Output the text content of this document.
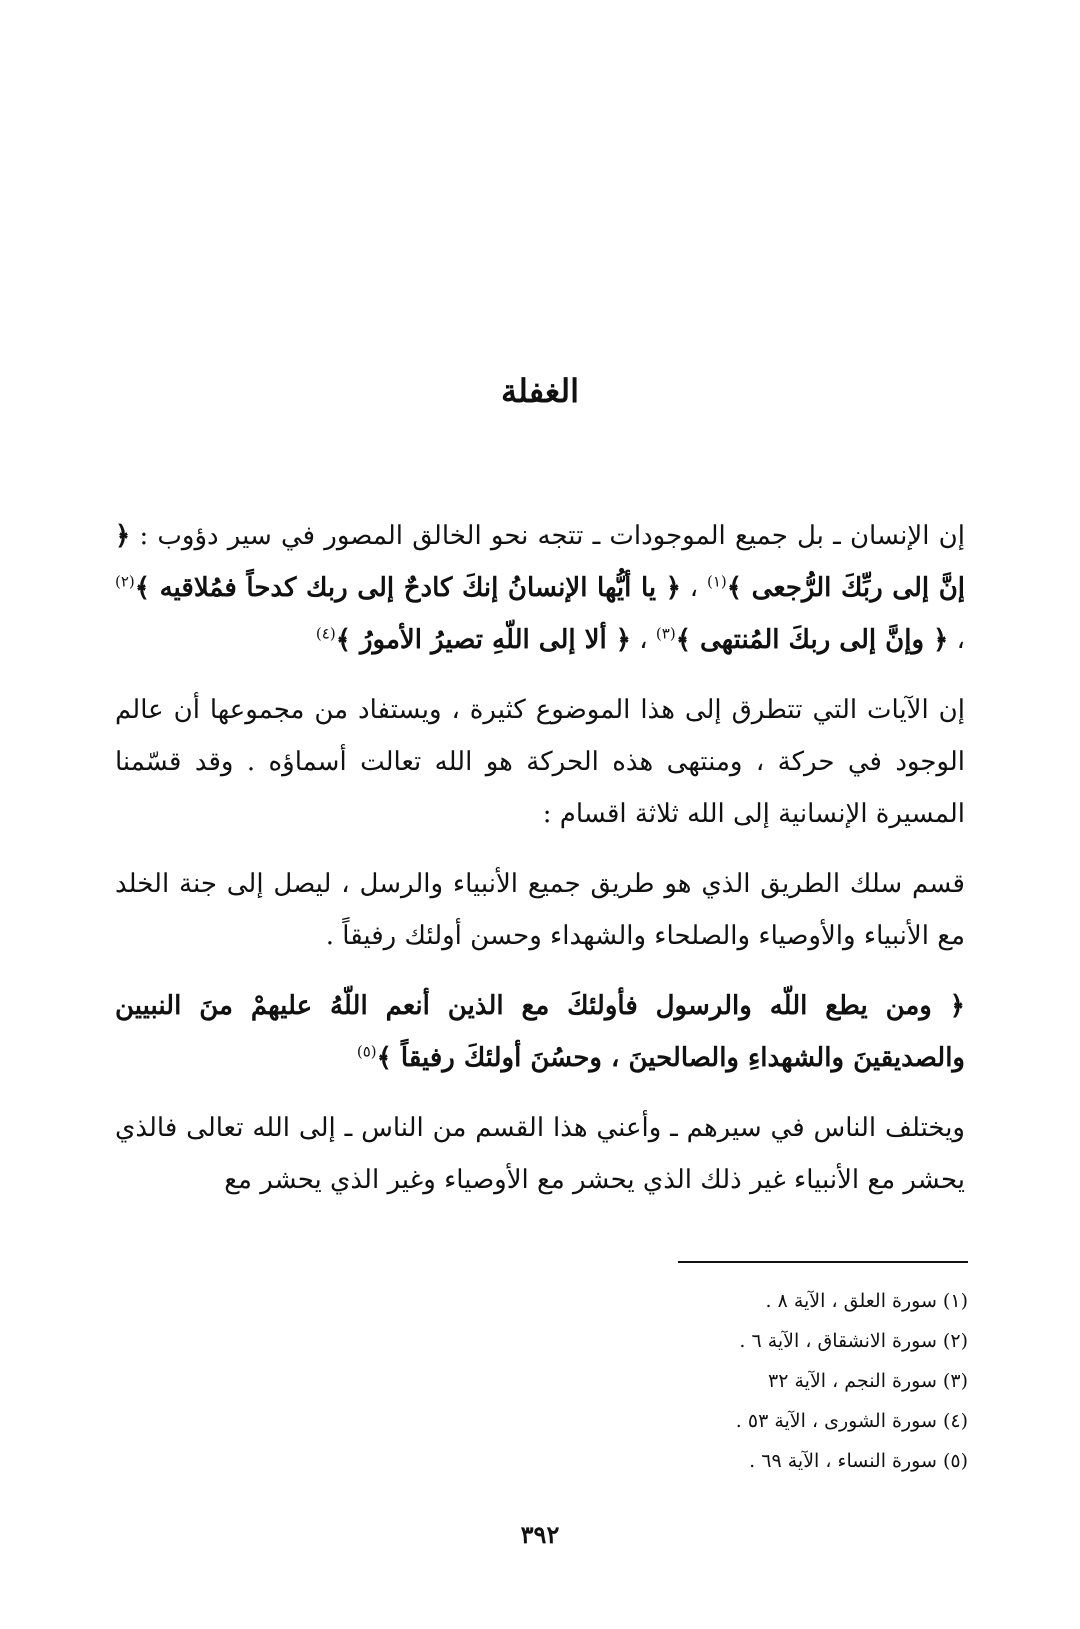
الغفلة

إن الإنسان ـ بل جميع الموجودات ـ تتجه نحو الخالق المصور في سير دؤوب : ﴿ إنَّ إلى ربِّكَ الرُّجعى ﴾$^{(١)}$ ، ﴿ يا أيُّها الإنسانُ إنكَ كادحٌ إلى ربك كدحاً فمُلاقيه ﴾$^{(٢)}$ ، ﴿ وإنَّ إلى ربكَ المُنتهى ﴾$^{(٣)}$ ، ﴿ ألا إلى اللّهِ تصيرُ الأمورُ ﴾$^{(٤)}$

إن الآيات التي تتطرق إلى هذا الموضوع كثيرة ، ويستفاد من مجموعها أن عالم الوجود في حركة ، ومنتهى هذه الحركة هو الله تعالت أسماؤه . وقد قسّمنا المسيرة الإنسانية إلى الله ثلاثة اقسام :

قسم سلك الطريق الذي هو طريق جميع الأنبياء والرسل ، ليصل إلى جنة الخلد مع الأنبياء والأوصياء والصلحاء والشهداء وحسن أولئك رفيقاً .

﴿ ومن يطع اللّه والرسول فأولئكَ مع الذين أنعم اللّهُ عليهمْ منَ النبيين والصديقينَ والشهداءِ والصالحينَ ، وحسُنَ أولئكَ رفيقاً ﴾$^{(٥)}$

ويختلف الناس في سيرهم ـ وأعني هذا القسم من الناس ـ إلى الله تعالى فالذي يحشر مع الأنبياء غير ذلك الذي يحشر مع الأوصياء وغير الذي يحشر مع

(١) سورة العلق ، الآية ٨ .
(٢) سورة الانشقاق ، الآية ٦ .
(٣) سورة النجم ، الآية ٣٢
(٤) سورة الشورى ، الآية ٥٣ .
(٥) سورة النساء ، الآية ٦٩ .
٣٩٢
